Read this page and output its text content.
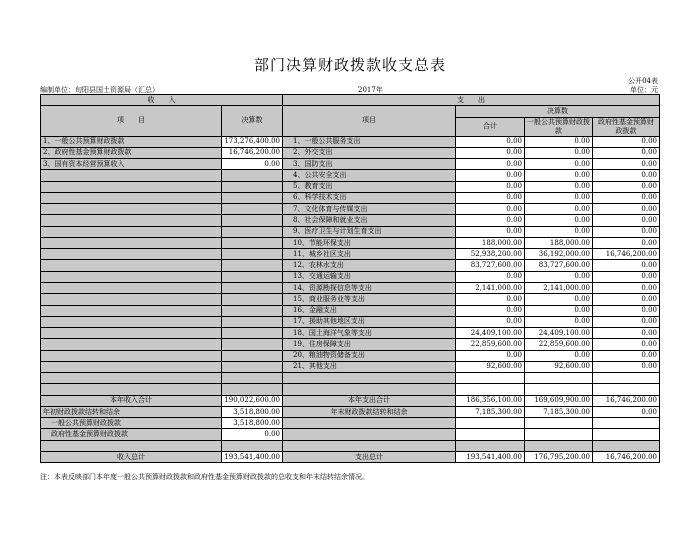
部门决算财政拨款收支总表
公开04表
编制单位：旬阳县国土资源局（汇总）	2017年	单位：元
收　　入		支　　出			
项　　目	决算数	项目	决算数		
			合计	一般公共预算财政拨款	政府性基金预算财政拨款

1、一般公共预算财政拨款	173,276,400.00	1、一般公共服务支出	0.00	0.00	0.00
2、政府性基金预算财政拨款	16,746,200.00	2、外交支出	0.00	0.00	0.00
3、国有资本经营预算收入	0.00	3、国防支出	0.00	0.00	0.00
		4、公共安全支出	0.00	0.00	0.00
		5、教育支出	0.00	0.00	0.00
		6、科学技术支出	0.00	0.00	0.00
		7、文化体育与传媒支出	0.00	0.00	0.00
		8、社会保障和就业支出	0.00	0.00	0.00
		9、医疗卫生与计划生育支出	0.00	0.00	0.00
		10、节能环保支出	188,000.00	188,000.00	0.00
		11、城乡社区支出	52,938,200.00	36,192,000.00	16,746,200.00
		12、农林水支出	83,727,600.00	83,727,600.00	0.00
		13、交通运输支出	0.00	0.00	0.00
		14、资源勘探信息等支出	2,141,000.00	2,141,000.00	0.00
		15、商业服务业等支出	0.00	0.00	0.00
		16、金融支出	0.00	0.00	0.00
		17、援助其他地区支出	0.00	0.00	0.00
		18、国土海洋气象等支出	24,409,100.00	24,409,100.00	0.00
		19、住房保障支出	22,859,600.00	22,859,600.00	0.00
		20、粮油物资储备支出	0.00	0.00	0.00
		21、其他支出	92,600.00	92,600.00	0.00

本年收入合计	190,022,600.00	本年支出合计	186,356,100.00	169,609,900.00	16,746,200.00
年初财政拨款结转和结余	3,518,800.00	年末财政拨款结转和结余	7,185,300.00	7,185,300.00	0.00
一般公共预算财政拨款	3,518,800.00				
政府性基金预算财政拨款	0.00				

收入总计	193,541,400.00	支出总计	193,541,400.00	176,795,200.00	16,746,200.00
注：本表反映部门本年度一般公共预算财政拨款和政府性基金预算财政拨款的总收支和年末结转结余情况。
